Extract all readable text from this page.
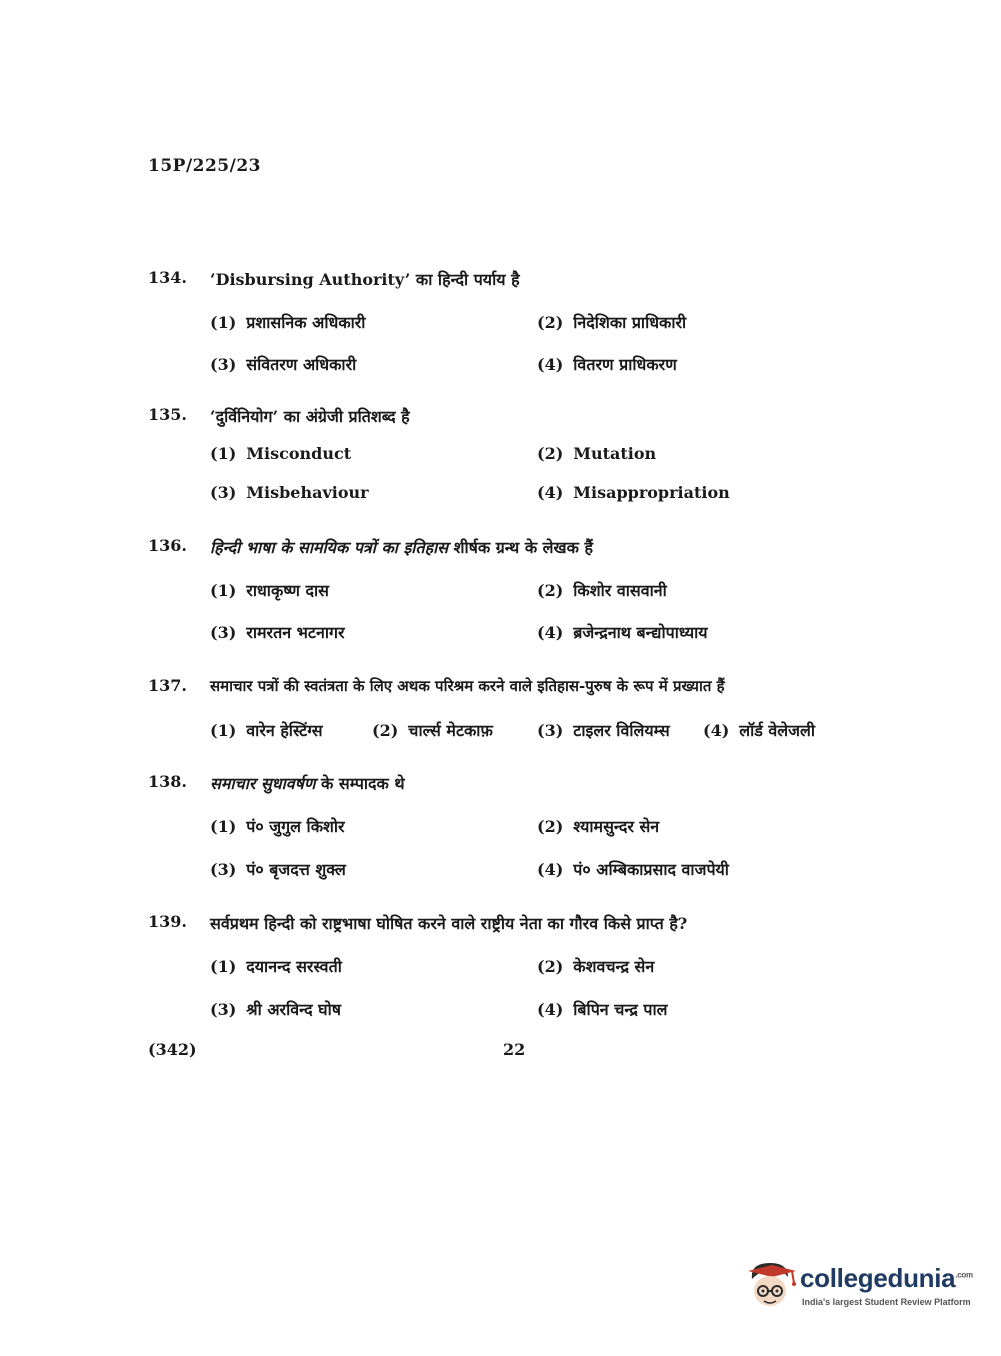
15P/225/23
134. ‘Disbursing Authority’ का हिन्दी पर्याय है
(1) प्रशासनिक अधिकारी	(2) निदेशिका प्राधिकारी
(3) संवितरण अधिकारी	(4) वितरण प्राधिकरण
135. ‘दुर्विनियोग’ का अंग्रेजी प्रतिशब्द है
(1) Misconduct	(2) Mutation
(3) Misbehaviour	(4) Misappropriation
136. हिन्दी भाषा के सामयिक पत्रों का इतिहास शीर्षक ग्रन्थ के लेखक हैं
(1) राधाकृष्ण दास	(2) किशोर वासवानी
(3) रामरतन भटनागर	(4) ब्रजेन्द्रनाथ बन्द्योपाध्याय
137. समाचार पत्रों की स्वतंत्रता के लिए अथक परिश्रम करने वाले इतिहास-पुरुष के रूप में प्रख्यात हैं
(1) वारेन हेस्टिंग्स	(2) चार्ल्स मेटकाफ़	(3) टाइलर विलियम्स (4) लॉर्ड वेलेजली
138. समाचार सुधावर्षण के सम्पादक थे
(1) पं० जुगुल किशोर	(2) श्यामसुन्दर सेन
(3) पं० बृजदत्त शुक्ल	(4) पं० अम्बिकाप्रसाद वाजपेयी
139. सर्वप्रथम हिन्दी को राष्ट्रभाषा घोषित करने वाले राष्ट्रीय नेता का गौरव किसे प्राप्त है?
(1) दयानन्द सरस्वती	(2) केशवचन्द्र सेन
(3) श्री अरविन्द घोष	(4) बिपिन चन्द्र पाल
(342)	22
collegedunia$^{.com}$
India's largest Student Review Platform
